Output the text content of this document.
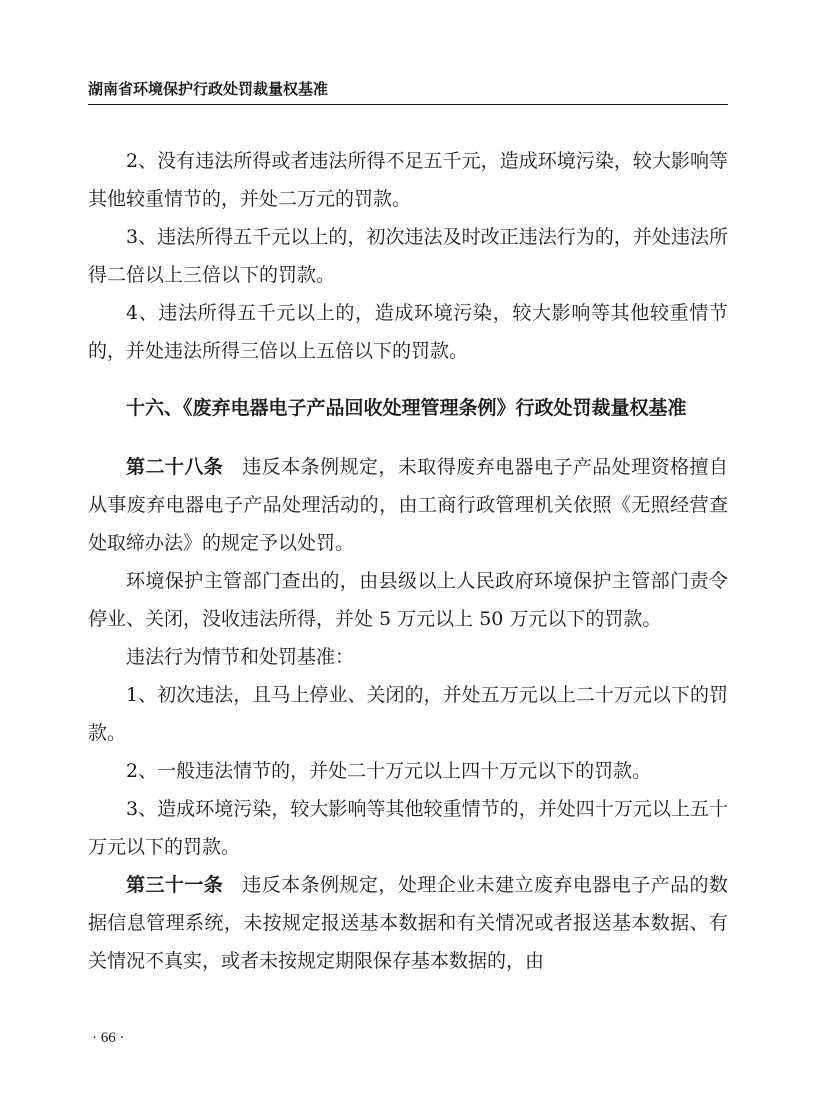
湖南省环境保护行政处罚裁量权基准

2、没有违法所得或者违法所得不足五千元，造成环境污染，较大影响等其他较重情节的，并处二万元的罚款。

3、违法所得五千元以上的，初次违法及时改正违法行为的，并处违法所得二倍以上三倍以下的罚款。

4、违法所得五千元以上的，造成环境污染，较大影响等其他较重情节的，并处违法所得三倍以上五倍以下的罚款。

十六、《废弃电器电子产品回收处理管理条例》行政处罚裁量权基准

第二十八条 违反本条例规定，未取得废弃电器电子产品处理资格擅自从事废弃电器电子产品处理活动的，由工商行政管理机关依照《无照经营查处取缔办法》的规定予以处罚。

环境保护主管部门查出的，由县级以上人民政府环境保护主管部门责令停业、关闭，没收违法所得，并处 5 万元以上 50 万元以下的罚款。

违法行为情节和处罚基准：

1、初次违法，且马上停业、关闭的，并处五万元以上二十万元以下的罚款。

2、一般违法情节的，并处二十万元以上四十万元以下的罚款。

3、造成环境污染，较大影响等其他较重情节的，并处四十万元以上五十万元以下的罚款。

第三十一条 违反本条例规定，处理企业未建立废弃电器电子产品的数据信息管理系统，未按规定报送基本数据和有关情况或者报送基本数据、有关情况不真实，或者未按规定期限保存基本数据的，由

· 66 ·
